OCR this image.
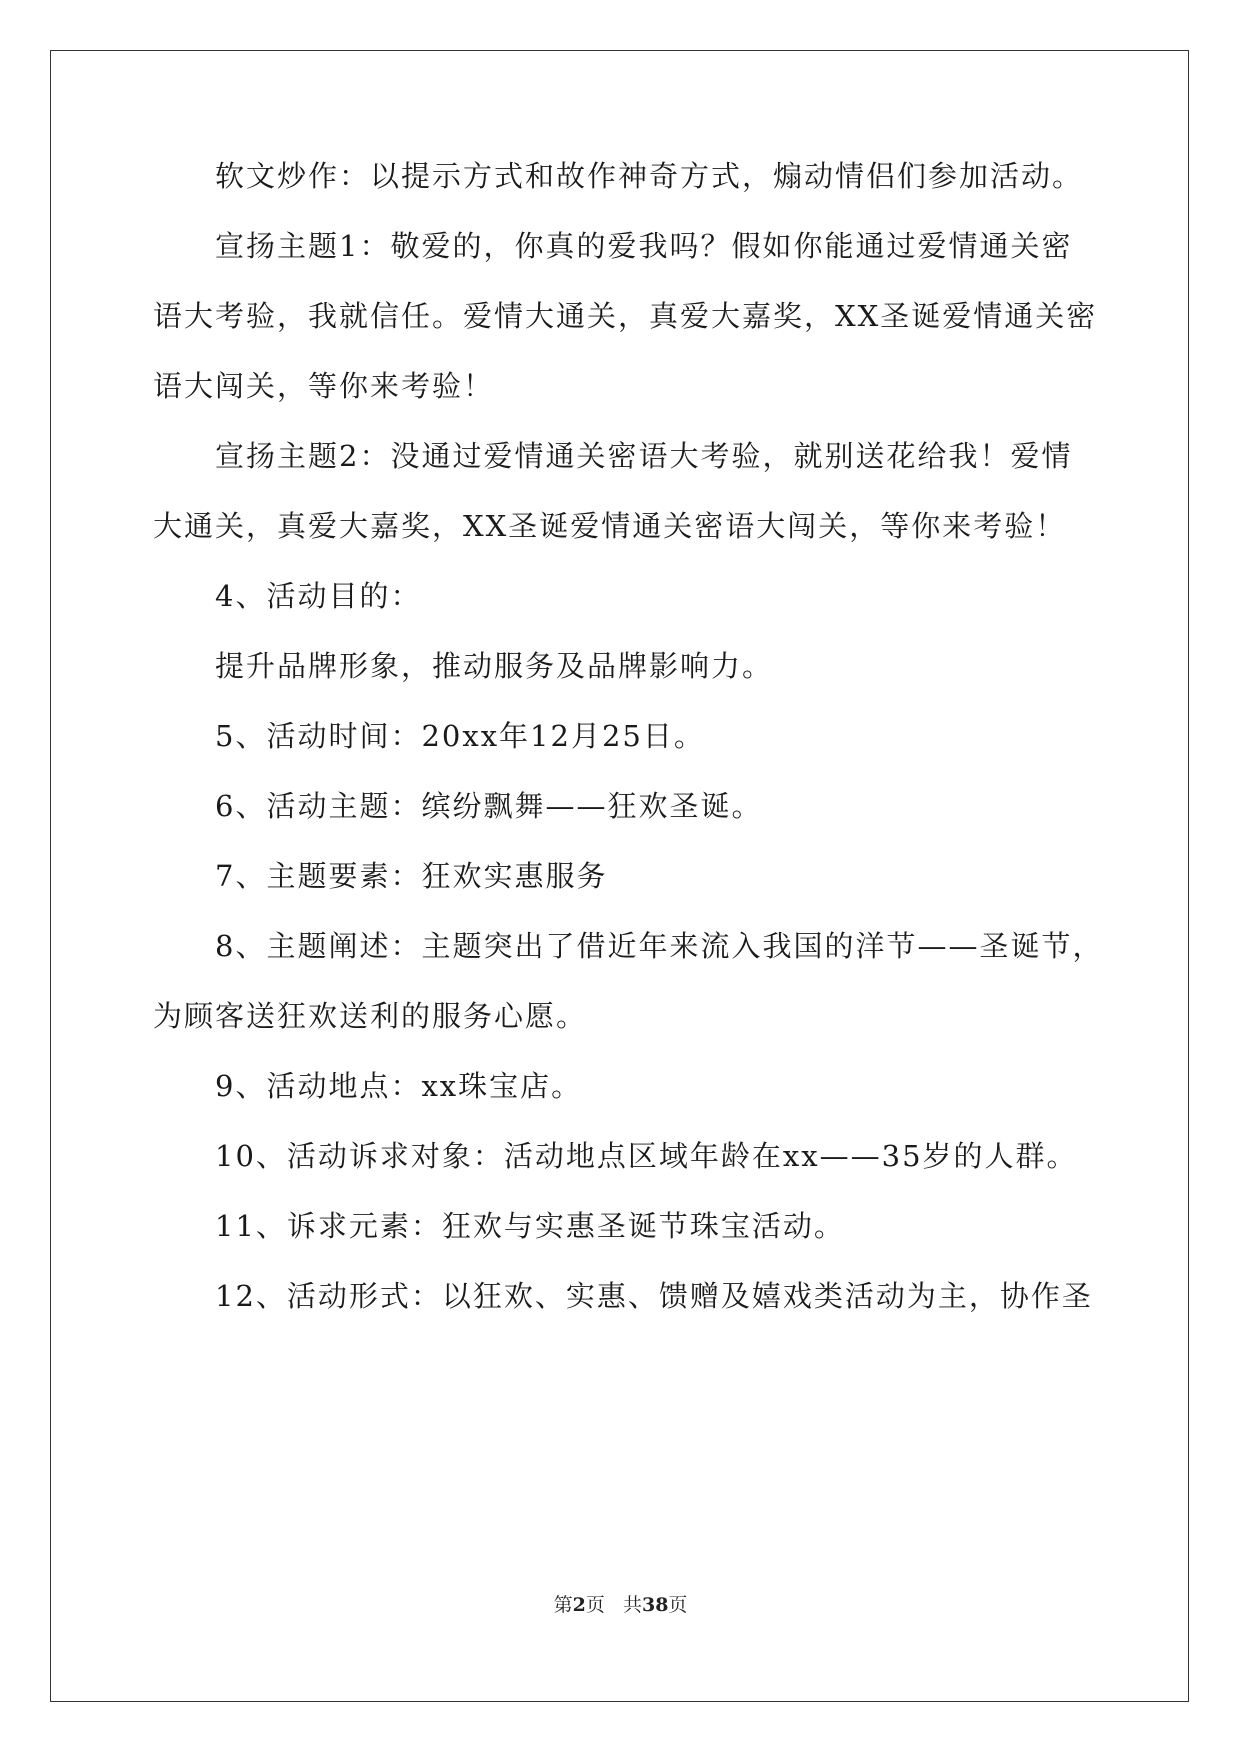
软文炒作：以提示方式和故作神奇方式，煽动情侣们参加活动。
宣扬主题1：敬爱的，你真的爱我吗？假如你能通过爱情通关密
语大考验，我就信任。爱情大通关，真爱大嘉奖，XX圣诞爱情通关密
语大闯关，等你来考验！
宣扬主题2：没通过爱情通关密语大考验，就别送花给我！爱情
大通关，真爱大嘉奖，XX圣诞爱情通关密语大闯关，等你来考验！
4、活动目的：
提升品牌形象，推动服务及品牌影响力。
5、活动时间：20xx年12月25日。
6、活动主题：缤纷飘舞——狂欢圣诞。
7、主题要素：狂欢实惠服务
8、主题阐述：主题突出了借近年来流入我国的洋节——圣诞节，
为顾客送狂欢送利的服务心愿。
9、活动地点：xx珠宝店。
10、活动诉求对象：活动地点区域年龄在xx——35岁的人群。
11、诉求元素：狂欢与实惠圣诞节珠宝活动。
12、活动形式：以狂欢、实惠、馈赠及嬉戏类活动为主，协作圣
第2页 共38页
